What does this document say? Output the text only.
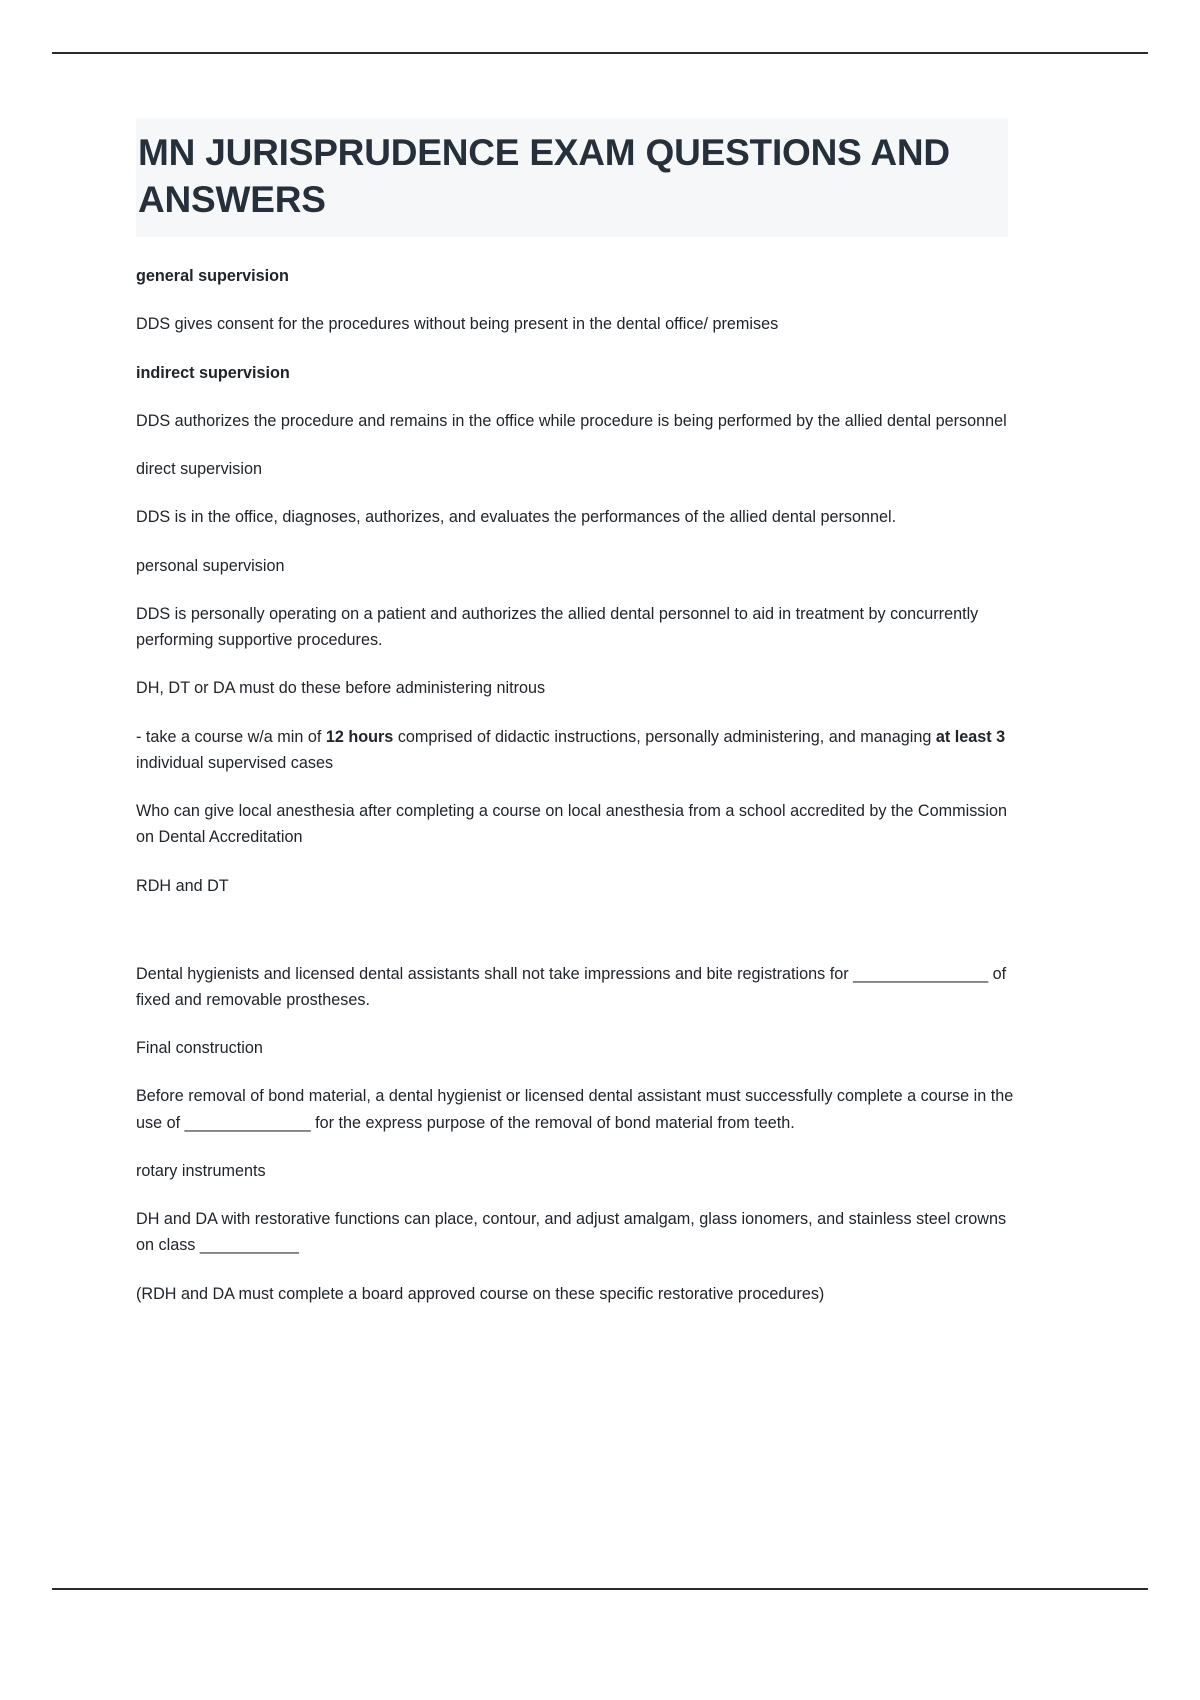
MN JURISPRUDENCE EXAM QUESTIONS AND ANSWERS

general supervision

DDS gives consent for the procedures without being present in the dental office/ premises

indirect supervision

DDS authorizes the procedure and remains in the office while procedure is being performed by the allied dental personnel

direct supervision

DDS is in the office, diagnoses, authorizes, and evaluates the performances of the allied dental personnel.

personal supervision

DDS is personally operating on a patient and authorizes the allied dental personnel to aid in treatment by concurrently performing supportive procedures.

DH, DT or DA must do these before administering nitrous

- take a course w/a min of 12 hours comprised of didactic instructions, personally administering, and managing at least 3 individual supervised cases

Who can give local anesthesia after completing a course on local anesthesia from a school accredited by the Commission on Dental Accreditation

RDH and DT

Dental hygienists and licensed dental assistants shall not take impressions and bite registrations for _______________ of fixed and removable prostheses.

Final construction

Before removal of bond material, a dental hygienist or licensed dental assistant must successfully complete a course in the use of ______________ for the express purpose of the removal of bond material from teeth.

rotary instruments

DH and DA with restorative functions can place, contour, and adjust amalgam, glass ionomers, and stainless steel crowns on class ___________

(RDH and DA must complete a board approved course on these specific restorative procedures)
